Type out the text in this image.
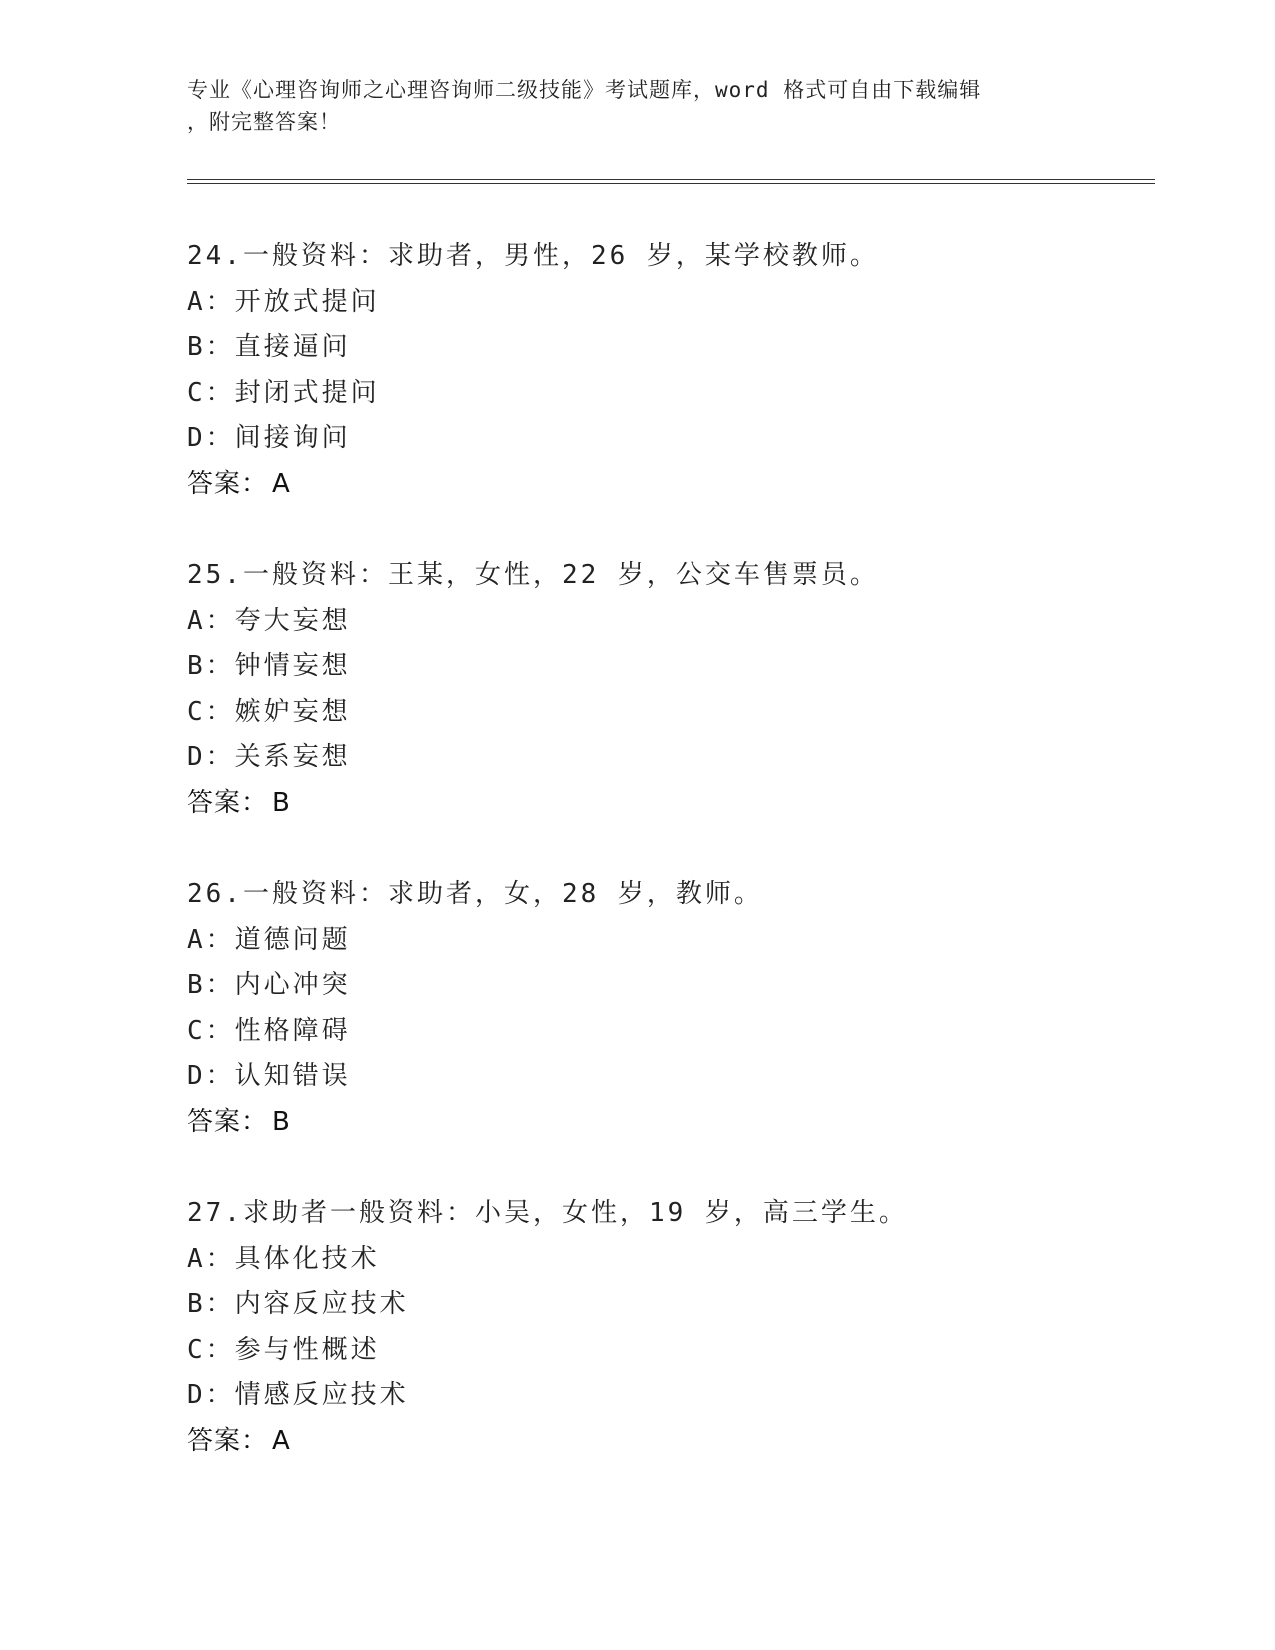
专业《心理咨询师之心理咨询师二级技能》考试题库，word 格式可自由下载编辑
，附完整答案！
24.一般资料：求助者，男性，26 岁，某学校教师。
A：开放式提问
B：直接逼问
C：封闭式提问
D：间接询问
答案： A
25.一般资料：王某，女性，22 岁，公交车售票员。
A：夸大妄想
B：钟情妄想
C：嫉妒妄想
D：关系妄想
答案： B
26.一般资料：求助者，女，28 岁，教师。
A：道德问题
B：内心冲突
C：性格障碍
D：认知错误
答案： B
27.求助者一般资料：小吴，女性，19 岁，高三学生。
A：具体化技术
B：内容反应技术
C：参与性概述
D：情感反应技术
答案： A
